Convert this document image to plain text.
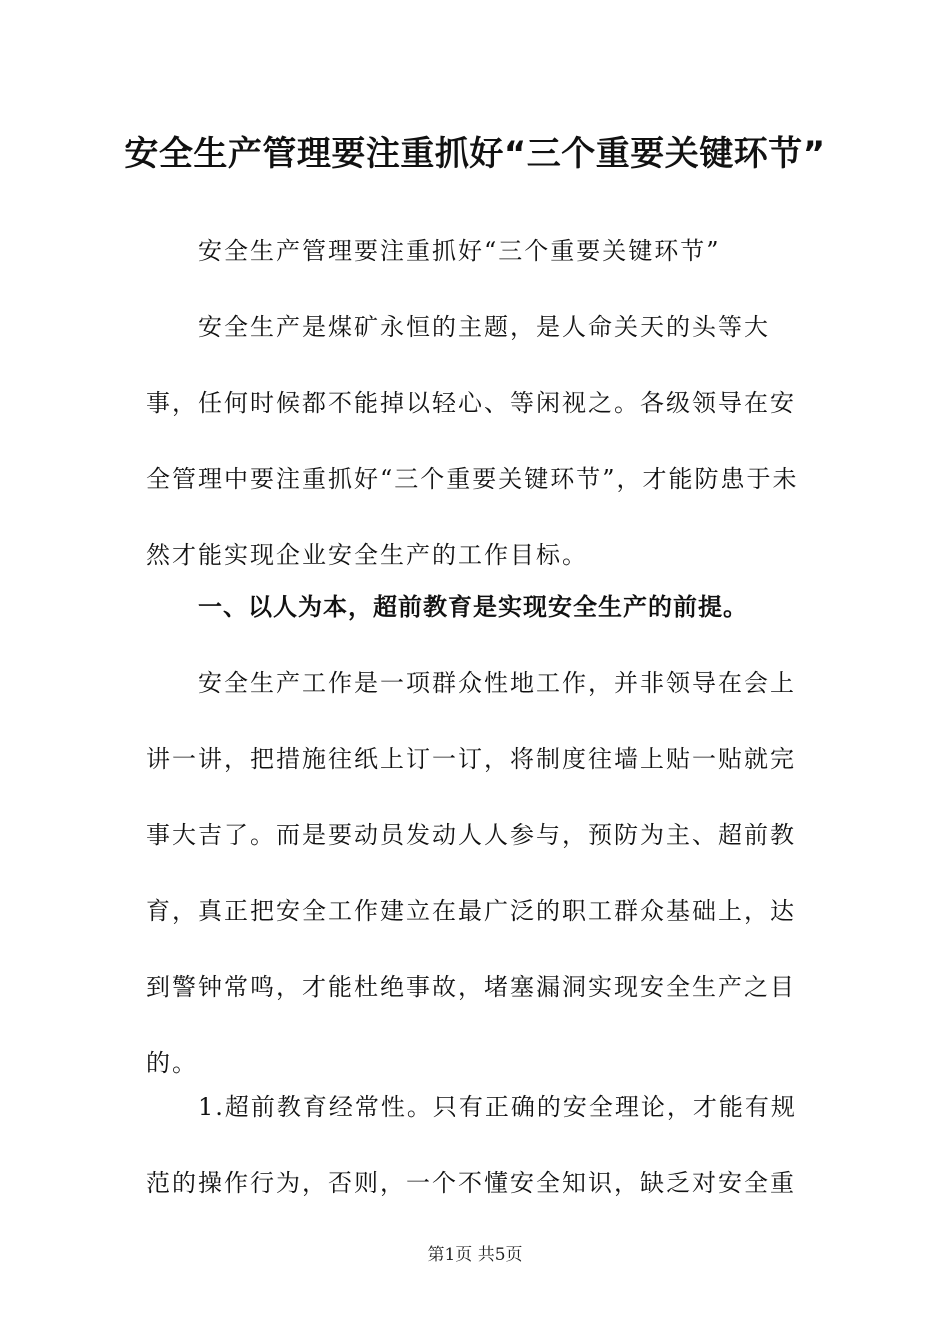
安全生产管理要注重抓好“三个重要关键环节”
安全生产管理要注重抓好“三个重要关键环节”
安全生产是煤矿永恒的主题，是人命关天的头等大事，任何时候都不能掉以轻心、等闲视之。各级领导在安全管理中要注重抓好“三个重要关键环节”，才能防患于未然才能实现企业安全生产的工作目标。
一、以人为本，超前教育是实现安全生产的前提。
安全生产工作是一项群众性地工作，并非领导在会上讲一讲，把措施往纸上订一订，将制度往墙上贴一贴就完事大吉了。而是要动员发动人人参与，预防为主、超前教育，真正把安全工作建立在最广泛的职工群众基础上，达到警钟常鸣，才能杜绝事故，堵塞漏洞实现安全生产之目的。
1.超前教育经常性。只有正确的安全理论，才能有规范的操作行为，否则，一个不懂安全知识，缺乏对安全重
第1页 共5页
